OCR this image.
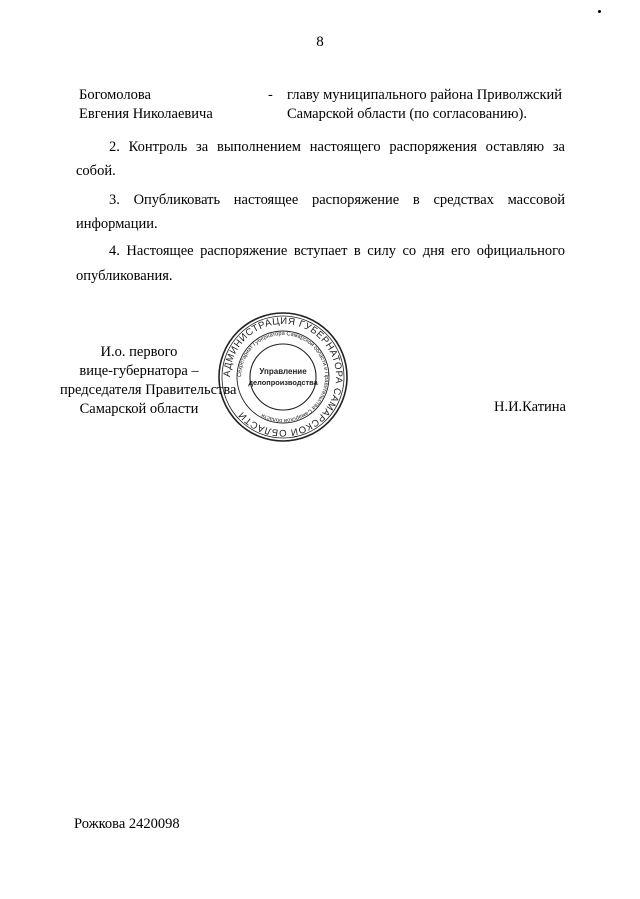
8
Богомолова
Евгения Николаевича
- главу муниципального района Приволжский
Самарской области (по согласованию).
2. Контроль за выполнением настоящего распоряжения оставляю за
собой.
3. Опубликовать настоящее распоряжение в средствах массовой
информации.
4. Настоящее распоряжение вступает в силу со дня его официального
опубликования.
И.о. первого
вице-губернатора –
председателя Правительства
Самарской области
АДМИНИСТРАЦИЯ ГУБЕРНАТОРА САМАРСКОЙ ОБЛАСТИ
Секретариат Губернатора Самарской области и Правительства Самарской области
Управление
делопроизводства
Н.И.Катина
Рожкова 2420098
